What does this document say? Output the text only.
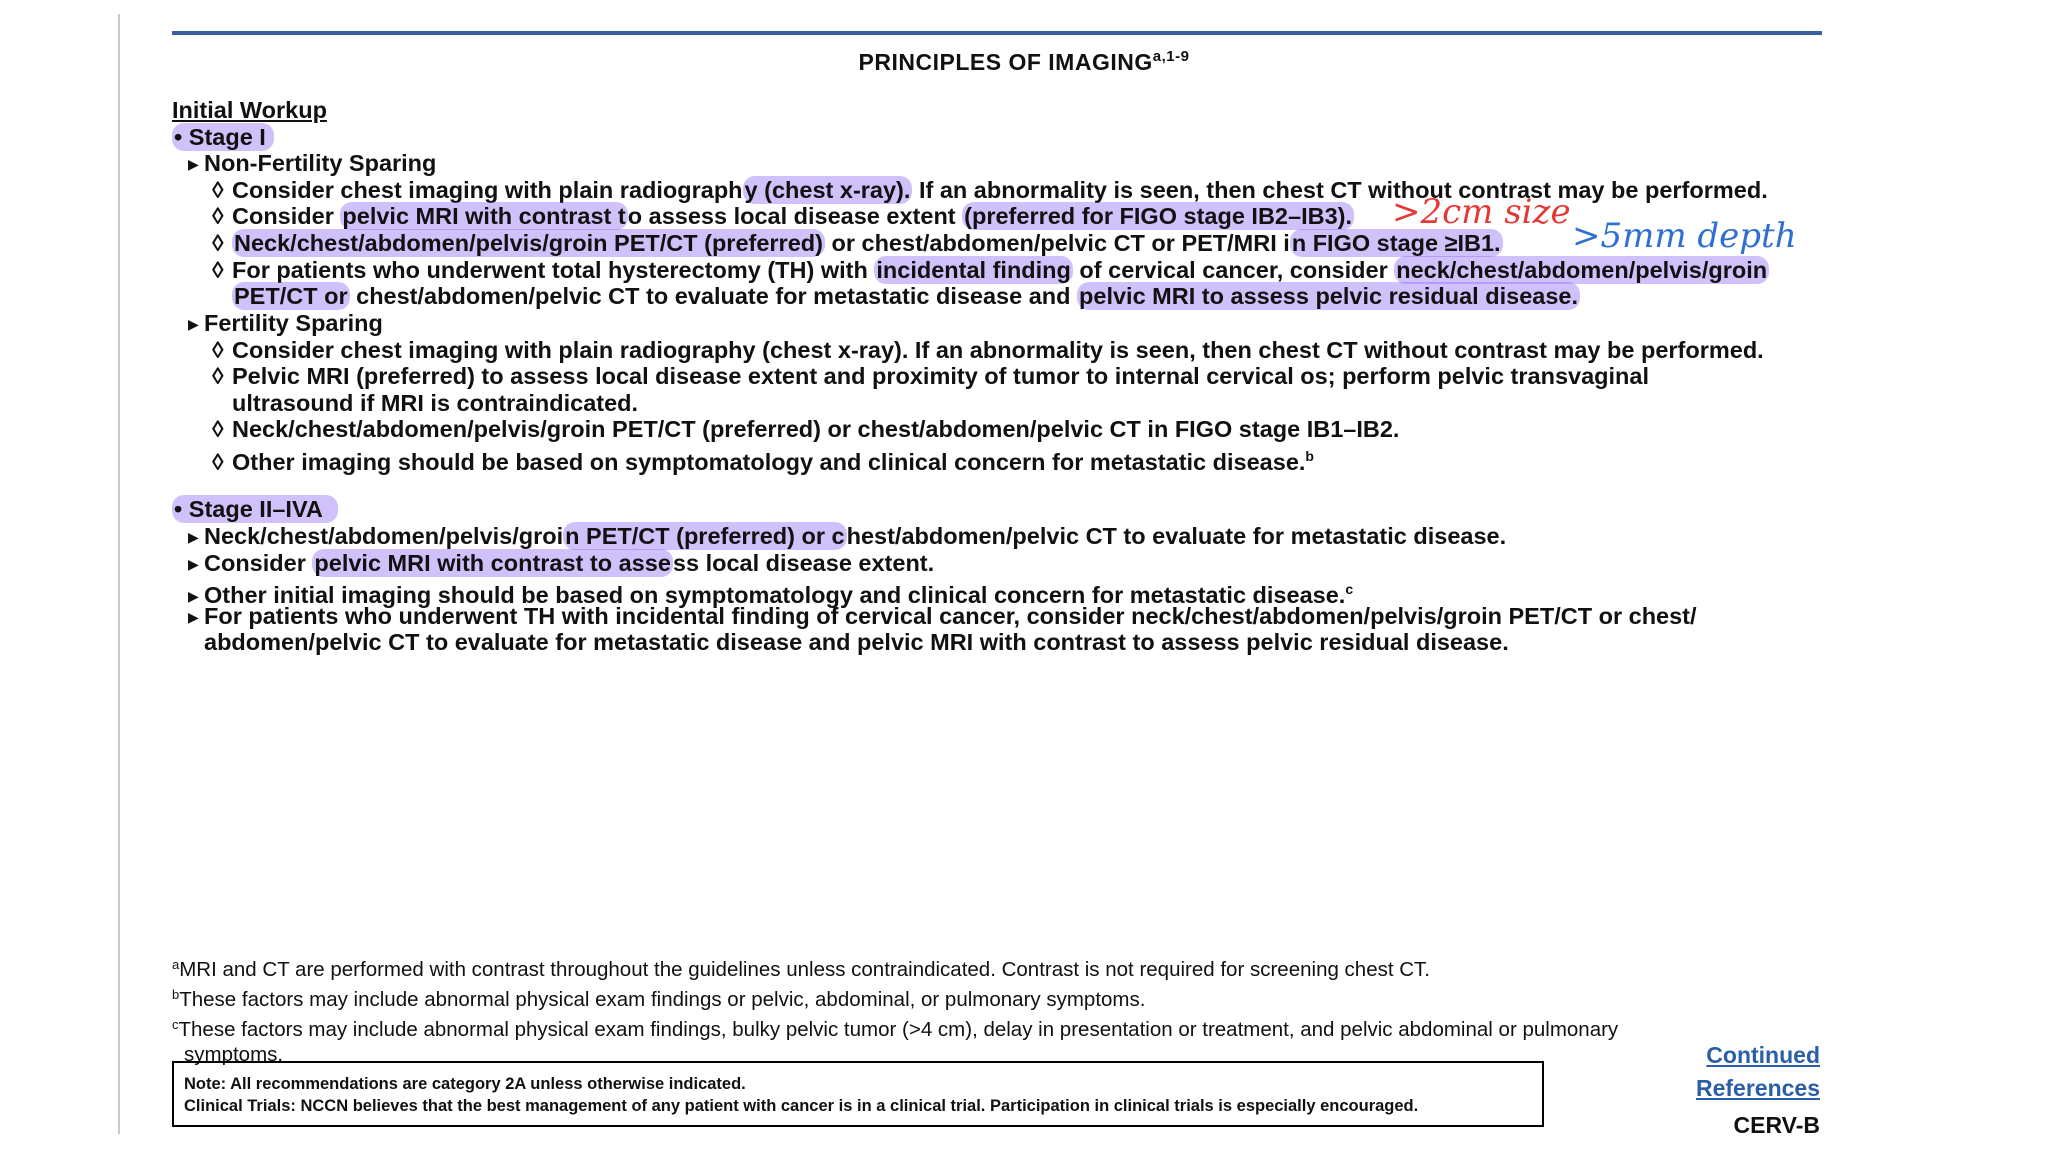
PRINCIPLES OF IMAGING$^{a,1-9}$
Initial Workup
• Stage I
▶ Non-Fertility Sparing
◊ Consider chest imaging with plain radiography (chest x-ray). If an abnormality is seen, then chest CT without contrast may be performed.
◊ Consider pelvic MRI with contrast to assess local disease extent (preferred for FIGO stage IB2–IB3).
◊ Neck/chest/abdomen/pelvis/groin PET/CT (preferred) or chest/abdomen/pelvic CT or PET/MRI in FIGO stage ≥IB1.
◊ For patients who underwent total hysterectomy (TH) with incidental finding of cervical cancer, consider neck/chest/abdomen/pelvis/groin
PET/CT or chest/abdomen/pelvic CT to evaluate for metastatic disease and pelvic MRI to assess pelvic residual disease.
▶ Fertility Sparing
◊ Consider chest imaging with plain radiography (chest x-ray). If an abnormality is seen, then chest CT without contrast may be performed.
◊ Pelvic MRI (preferred) to assess local disease extent and proximity of tumor to internal cervical os; perform pelvic transvaginal
ultrasound if MRI is contraindicated.
◊ Neck/chest/abdomen/pelvis/groin PET/CT (preferred) or chest/abdomen/pelvic CT in FIGO stage IB1–IB2.
◊ Other imaging should be based on symptomatology and clinical concern for metastatic disease.$^b$
• Stage II–IVA
▶ Neck/chest/abdomen/pelvis/groin PET/CT (preferred) or chest/abdomen/pelvic CT to evaluate for metastatic disease.
▶ Consider pelvic MRI with contrast to assess local disease extent.
▶ Other initial imaging should be based on symptomatology and clinical concern for metastatic disease.$^c$
▶ For patients who underwent TH with incidental finding of cervical cancer, consider neck/chest/abdomen/pelvis/groin PET/CT or chest/
abdomen/pelvic CT to evaluate for metastatic disease and pelvic MRI with contrast to assess pelvic residual disease.
>2cm size
>5mm depth
$^a$MRI and CT are performed with contrast throughout the guidelines unless contraindicated. Contrast is not required for screening chest CT.
$^b$These factors may include abnormal physical exam findings or pelvic, abdominal, or pulmonary symptoms.
$^c$These factors may include abnormal physical exam findings, bulky pelvic tumor (>4 cm), delay in presentation or treatment, and pelvic abdominal or pulmonary
symptoms.
Note: All recommendations are category 2A unless otherwise indicated.
Clinical Trials: NCCN believes that the best management of any patient with cancer is in a clinical trial. Participation in clinical trials is especially encouraged.
Continued
References
CERV-B
